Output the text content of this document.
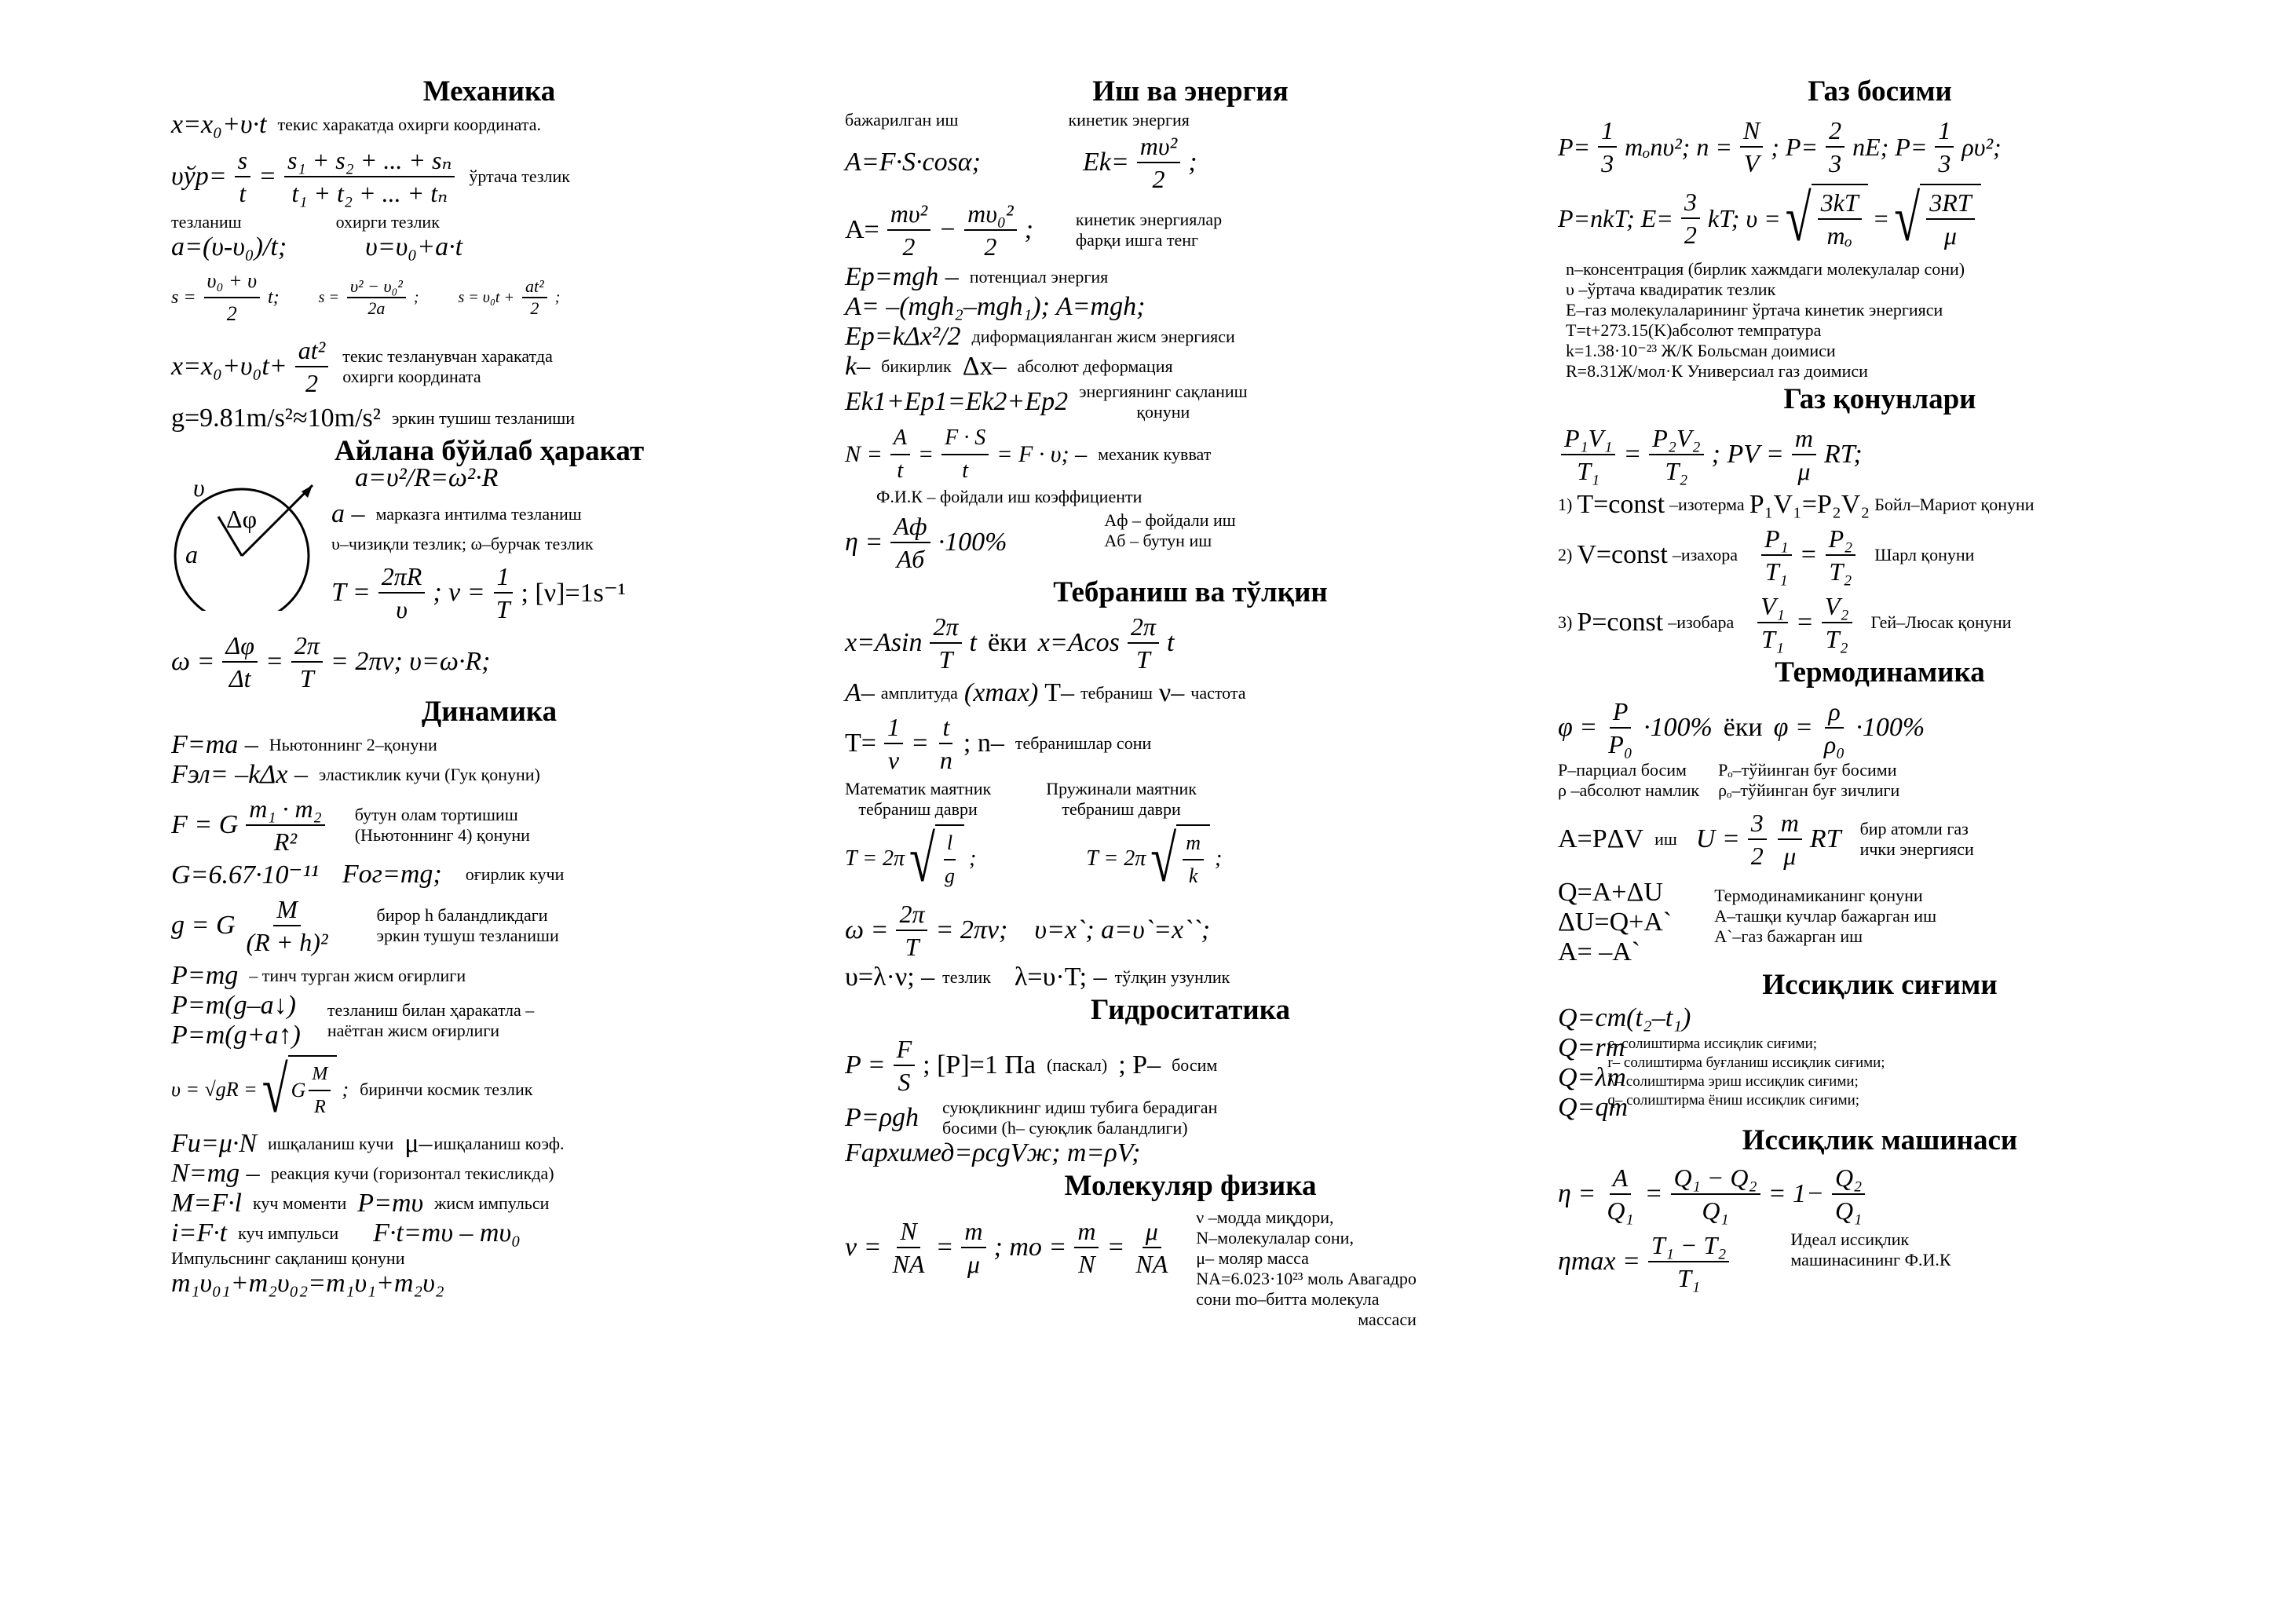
Механика
x=x₀+υ·t текис харакатда охирги координата.
$\upsilon ўр= \frac{s}{t} = \frac{\text{s₁ + s₂ + ... + sₙ}}{\text{t₁ + t₂ + ... + tₙ}}$ ўртача тезлик
тезланиш	охирги тезлик
a=(υ-υ₀)/t;	υ=υ₀+a·t
$s = \frac{\text{υ₀ + υ}}{2} t$;	$s = \frac{\text{υ² − υ₀²}}{2a}$ ;	$s = \upsilon_0t + \frac{\text{at²}}{2}$ ;
$x=x_0+\upsilon_0t+ \frac{\text{at²}}{2}$ текис тезланувчан харакатда
охирги координата
g=9.81m/s²≈10m/s² эркин тушиш тезланиши
Айлана бўйлаб ҳаракат
υ
Δφ
a
a=υ²/R=ω²·R
a – марказга интилма тезланиш
υ–чизиқли тезлик; ω–бурчак тезлик
$T = \frac{2\pi R}{\upsilon}$ ; $\nu = \frac{1}{T}$ ; [ν]=1s⁻¹
$\omega = \frac{\Delta\varphi}{\Delta t} = \frac{2\pi}{T} = 2\pi\nu$; υ=ω·R;
Динамика
F=ma – Ньютоннинг 2–қонуни
Fэл= –kΔx – эластиклик кучи (Гук қонуни)
F = G $\frac{\text{m₁ · m₂}}{\text{R²}}$ бутун олам тортишиш
(Ньютоннинг 4) қонуни
G=6.67·10⁻¹¹ Fог=mg; оғирлик кучи
g = G $\frac{M}{\text{(R + h)²}}$	бирор h баландликдаги
эркин тушуш тезланиши
P=mg – тинч турган жисм оғирлиги
P=m(g–a↓)
P=m(g+a↑)
тезланиш билан ҳаракатла –
наётган жисм оғирлиги
υ = √gR = √ G $\frac{M}{R}$ ; биринчи космик тезлик
Fи=μ·N ишқаланиш кучи μ– ишқаланиш коэф.
N=mg – реакция кучи (горизонтал текисликда)
M=F·l куч моменти P=mυ жисм импульси
i=F·t куч импульси F·t=mυ – mυ₀
Импульснинг сақланиш қонуни
m₁υ₀₁+m₂υ₀₂=m₁υ₁+m₂υ₂
Иш ва энергия
бажарилган иш	кинетик энергия
A=F·S·cosα;	$Ek= \frac{\text{mυ²}}{2}$ ;
$A= \frac{\text{mυ²}}{2} - \frac{\text{mυ₀²}}{2}$ ; кинетик энергиялар
фарқи ишга тенг
Ep=mgh – потенциал энергия
A= –(mgh₂–mgh₁); A=mgh;
Ep=kΔx²/2 диформацияланган жисм энергияси
k– бикирлик Δx– абсолют деформация
Ek1+Ep1=Ek2+Ep2 энергиянинг сақланиш
қонуни
$N = \frac{A}{t} = \frac{F \cdot S}{t} = F \cdot \upsilon$; – механик кувват
Ф.И.К – фойдали иш коэффициенти
$\eta = \frac{Aф}{Aб} \cdot 100\%$
Aф – фойдали иш
Aб – бутун иш
Тебраниш ва тўлқин
$x=Asin \frac{2\pi}{T}$ t ёки $x=Acos \frac{2\pi}{T}$ t
A– амплитуда (xmax) T– тебраниш ν– частота
$T= \frac{1}{\nu} = \frac{t}{n}$ ; n– тебранишлар сони
Математик маятник
тебраниш даври
Пружинали маятник
тебраниш даври
T = 2π √ $\frac{l}{g}$ ;	T = 2π √ $\frac{m}{k}$ ;
$\omega = \frac{2\pi}{T} = 2\pi\nu$; υ=x`; a=υ`=x``;
υ=λ·ν; – тезлик λ=υ·T; – тўлқин узунлик
Гидроситатика
$P = \frac{F}{S}$ ; [P]=1 Па (паскал) ; P– босим
P=ρgh суюқликнинг идиш тубига берадиган
босими (h– суюқлик баландлиги)
Fархимед=ρcgVж; m=ρV;
Молекуляр физика
$\nu = \frac{N}{NA} = \frac{m}{\mu}$ ; mo = $\frac{m}{N} = \frac{\mu}{NA}$ ν –модда миқдори,
N–молекулалар сони,
μ– моляр масса
NA=6.023·10²³ моль Авагадро
сони mo–битта молекула
массаси
Газ босими
$P= \frac{1}{3} m_on\upsilon^2$; $n = \frac{N}{V}$ ; $P= \frac{2}{3}$ nE; $P= \frac{1}{3} \rho\upsilon^2$;
P=nkT; $E= \frac{3}{2}$ kT; υ = √ $\frac{3kT}{\text{mₒ}}$ = √ $\frac{3RT}{\mu}$
n–консентрация (бирлик хажмдаги молекулалар сони)
υ –ўртача квадиратик тезлик
E–газ молекулаларининг ўртача кинетик энергияси
T=t+273.15(K)абсолют темпратура
k=1.38·10⁻²³ Ж/К Больсман доимиси
R=8.31Ж/мол·К Универсиал газ доимиси
Газ қонунлари
$\frac{\text{P₁V₁}}{\text{T₁}} = \frac{\text{P₂V₂}}{\text{T₂}}$ ; PV = $\frac{m}{\mu}$ RT;
1) T=const –изотерма P₁V₁=P₂V₂ Бойл–Мариот қонуни
2) V=const –изахора $\frac{\text{P₁}}{\text{T₁}} = \frac{\text{P₂}}{\text{T₂}}$ Шарл қонуни
3) P=const –изобара $\frac{\text{V₁}}{\text{T₁}} = \frac{\text{V₂}}{\text{T₂}}$ Гей–Люсак қонуни
Термодинамика
$\varphi = \frac{P}{\text{P₀}} \cdot 100\%$ ёки $\varphi = \frac{\rho}{\text{ρ₀}} \cdot 100\%$
P–парциал босим
ρ –абсолют намлик
Pₒ–тўйинган буғ босими
ρₒ–тўйинган буғ зичлиги
A=PΔV иш $U = \frac{3}{2} \frac{m}{\mu}$ RT бир атомли газ
ички энергияси
Q=A+ΔU
ΔU=Q+A`
A= –A`
Термодинамиканинг қонуни
A–ташқи кучлар бажарган иш
A`–газ бажарган иш
Иссиқлик сиғими
Q=cm(t₂–t₁)
Q=rm
Q=λm
Q=qm
c–солиштирма иссиқлик сиғими;
r– солиштирма буғланиш иссиқлик сиғими;
λ– солиштирма эриш иссиқлик сиғими;
q– солиштирма ёниш иссиқлик сиғими;
Иссиқлик машинаси
$\eta = \frac{A}{\text{Q₁}} = \frac{\text{Q₁ − Q₂}}{\text{Q₁}} = 1- \frac{\text{Q₂}}{\text{Q₁}}$
$\eta\max = \frac{\text{T₁ − T₂}}{\text{T₁}}$	Идеал иссиқлик
машинасининг Ф.И.К
